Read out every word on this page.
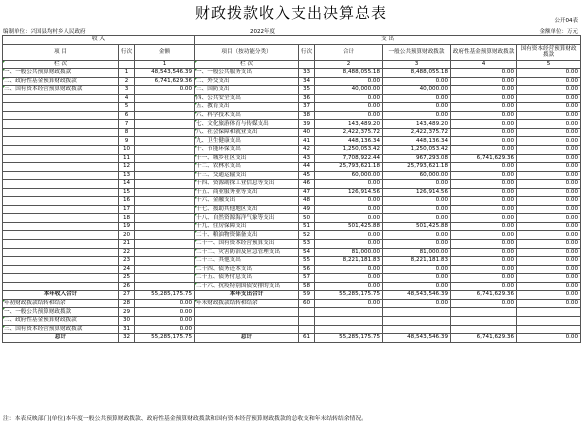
财政拨款收入支出决算总表	公开04表
编制单位：兴国县均村乡人民政府	2022年度	金额单位：万元
收 入			支 出					
项 目	行次	金额	项目（按功能分类）	行次	合计	一般公共预算财政拨款	政府性基金预算财政拨款	国有资本经营预算财政拨款
栏 次		1	栏 次		2	3	4	5
一、一般公共预算财政拨款	1	48,543,546.39	一、一般公共服务支出	33	8,488,055.18	8,488,055.18	0.00	0.00
二、政府性基金预算财政拨款	2	6,741,629.36	二、外交支出	34	0.00	0.00	0.00	0.00
三、国有资本经营预算财政拨款	3	0.00	三、国防支出	35	40,000.00	40,000.00	0.00	0.00
	4		四、公共安全支出	36	0.00	0.00	0.00	0.00
	5		五、教育支出	37	0.00	0.00	0.00	0.00
	6		六、科学技术支出	38	0.00	0.00	0.00	0.00
	7		七、文化旅游体育与传媒支出	39	143,489.20	143,489.20	0.00	0.00
	8		八、社会保障和就业支出	40	2,422,375.72	2,422,375.72	0.00	0.00
	9		九、卫生健康支出	41	448,136.34	448,136.34	0.00	0.00
	10		十、节能环保支出	42	1,250,053.42	1,250,053.42	0.00	0.00
	11		十一、城乡社区支出	43	7,708,922.44	967,293.08	6,741,629.36	0.00
	12		十二、农林水支出	44	25,793,621.18	25,793,621.18	0.00	0.00
	13		十三、交通运输支出	45	60,000.00	60,000.00	0.00	0.00
	14		十四、资源勘探工业信息等支出	46	0.00	0.00	0.00	0.00
	15		十五、商业服务业等支出	47	126,914.56	126,914.56	0.00	0.00
	16		十六、金融支出	48	0.00	0.00	0.00	0.00
	17		十七、援助其他地区支出	49	0.00	0.00	0.00	0.00
	18		十八、自然资源海洋气象等支出	50	0.00	0.00	0.00	0.00
	19		十九、住房保障支出	51	501,425.88	501,425.88	0.00	0.00
	20		二十、粮油物资储备支出	52	0.00	0.00	0.00	0.00
	21		二十一、国有资本经营预算支出	53	0.00	0.00	0.00	0.00
	22		二十二、灾害防治及应急管理支出	54	81,000.00	81,000.00	0.00	0.00
	23		二十三、其他支出	55	8,221,181.83	8,221,181.83	0.00	0.00
	24		二十四、债务还本支出	56	0.00	0.00	0.00	0.00
	25		二十五、债务付息支出	57	0.00	0.00	0.00	0.00
	26		二十六、抗疫特别国债安排的支出	58	0.00	0.00	0.00	0.00
本年收入合计	27	55,285,175.75	本年支出合计	59	55,285,175.75	48,543,546.39	6,741,629.36	0.00
年初财政拨款结转和结余	28	0.00	年末财政拨款结转和结余	60	0.00	0.00	0.00	0.00
一、一般公共预算财政拨款	29	0.00						
二、政府性基金预算财政拨款	30	0.00						
三、国有资本经营预算财政拨款	31	0.00						
总计	32	55,285,175.75	总计	61	55,285,175.75	48,543,546.39	6,741,629.36	0.00
注：本表反映部门(单位)本年度一般公共预算财政拨款、政府性基金预算财政拨款和国有资本经营预算财政拨款的总收支和年末结转结余情况。
